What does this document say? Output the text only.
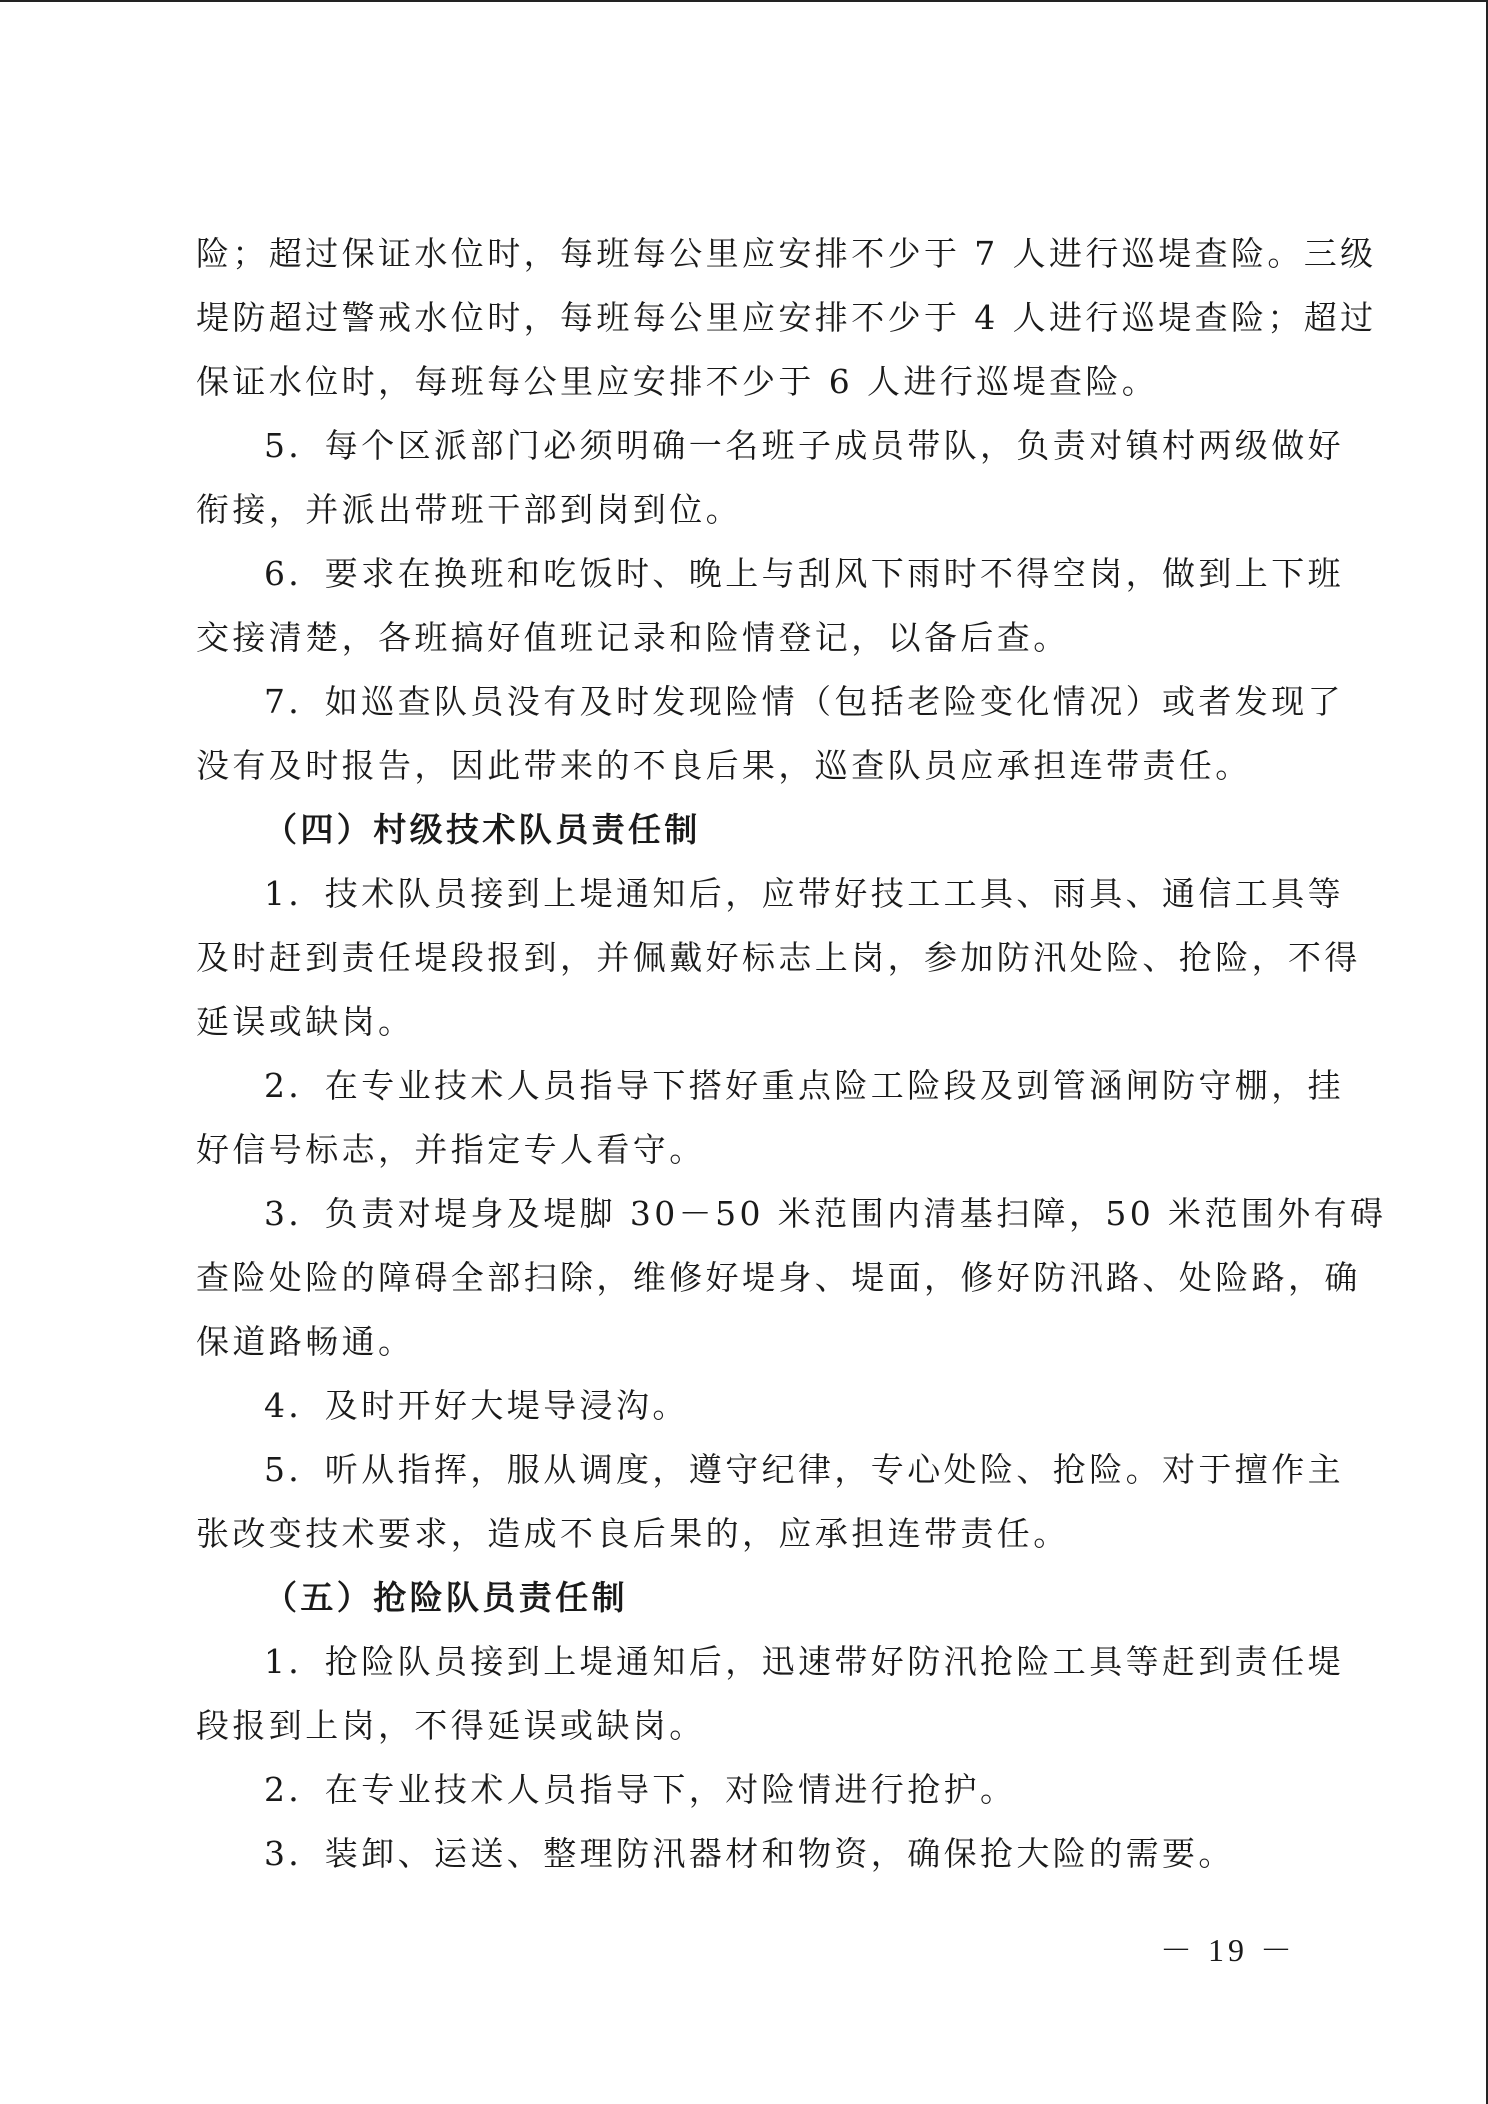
险；超过保证水位时，每班每公里应安排不少于 7 人进行巡堤查险。三级
堤防超过警戒水位时，每班每公里应安排不少于 4 人进行巡堤查险；超过
保证水位时，每班每公里应安排不少于 6 人进行巡堤查险。
5．每个区派部门必须明确一名班子成员带队，负责对镇村两级做好
衔接，并派出带班干部到岗到位。
6．要求在换班和吃饭时、晚上与刮风下雨时不得空岗，做到上下班
交接清楚，各班搞好值班记录和险情登记，以备后查。
7．如巡查队员没有及时发现险情（包括老险变化情况）或者发现了
没有及时报告，因此带来的不良后果，巡查队员应承担连带责任。
（四）村级技术队员责任制
1．技术队员接到上堤通知后，应带好技工工具、雨具、通信工具等
及时赶到责任堤段报到，并佩戴好标志上岗，参加防汛处险、抢险，不得
延误或缺岗。
2．在专业技术人员指导下搭好重点险工险段及剅管涵闸防守棚，挂
好信号标志，并指定专人看守。
3．负责对堤身及堤脚 30－50 米范围内清基扫障，50 米范围外有碍
查险处险的障碍全部扫除，维修好堤身、堤面，修好防汛路、处险路，确
保道路畅通。
4．及时开好大堤导浸沟。
5．听从指挥，服从调度，遵守纪律，专心处险、抢险。对于擅作主
张改变技术要求，造成不良后果的，应承担连带责任。
（五）抢险队员责任制
1．抢险队员接到上堤通知后，迅速带好防汛抢险工具等赶到责任堤
段报到上岗，不得延误或缺岗。
2．在专业技术人员指导下，对险情进行抢护。
3．装卸、运送、整理防汛器材和物资，确保抢大险的需要。
－ 19 －
